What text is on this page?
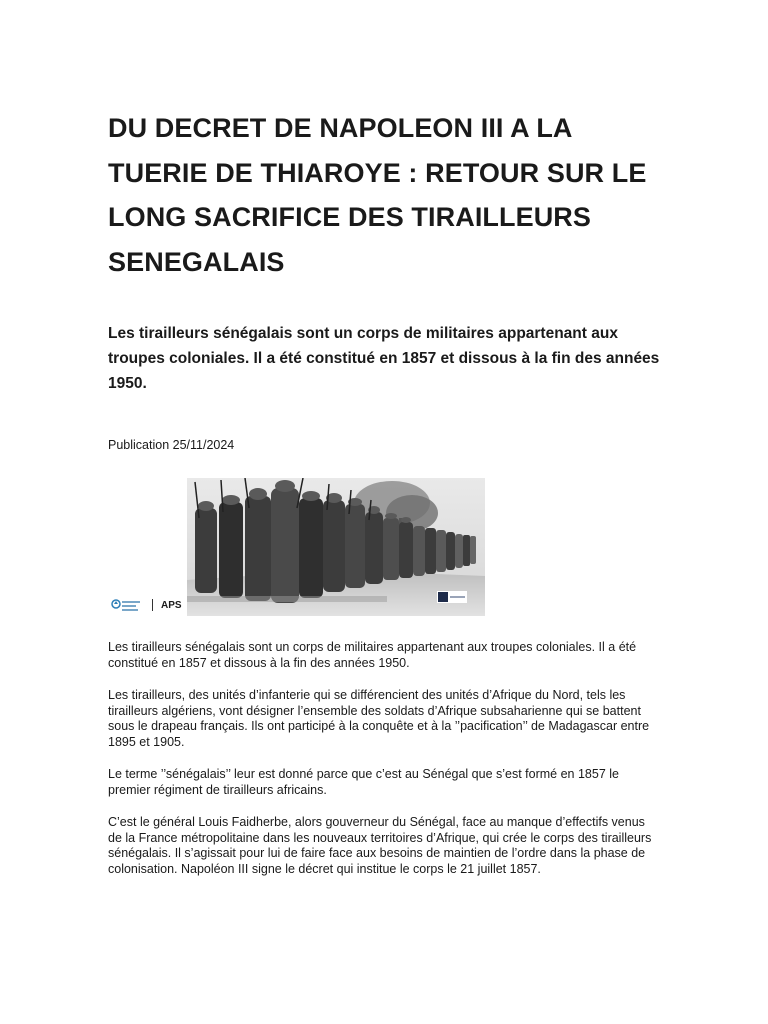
DU DECRET DE NAPOLEON III A LA TUERIE DE THIAROYE : RETOUR SUR LE LONG SACRIFICE DES TIRAILLEURS SENEGALAIS

Les tirailleurs sénégalais sont un corps de militaires appartenant aux troupes coloniales. Il a été constitué en 1857 et dissous à la fin des années 1950.

Publication 25/11/2024

APS

Les tirailleurs sénégalais sont un corps de militaires appartenant aux troupes coloniales. Il a été constitué en 1857 et dissous à la fin des années 1950.

Les tirailleurs, des unités d’infanterie qui se différencient des unités d’Afrique du Nord, tels les tirailleurs algériens, vont désigner l’ensemble des soldats d’Afrique subsaharienne qui se battent sous le drapeau français. Ils ont participé à la conquête et à la ’’pacification’’ de Madagascar entre 1895 et 1905.

Le terme ’’sénégalais’’ leur est donné parce que c’est au Sénégal que s’est formé en 1857 le premier régiment de tirailleurs africains.

C’est le général Louis Faidherbe, alors gouverneur du Sénégal, face au manque d’effectifs venus de la France métropolitaine dans les nouveaux territoires d’Afrique, qui crée le corps des tirailleurs sénégalais. Il s’agissait pour lui de faire face aux besoins de maintien de l’ordre dans la phase de colonisation. Napoléon III signe le décret qui institue le corps le 21 juillet 1857.
